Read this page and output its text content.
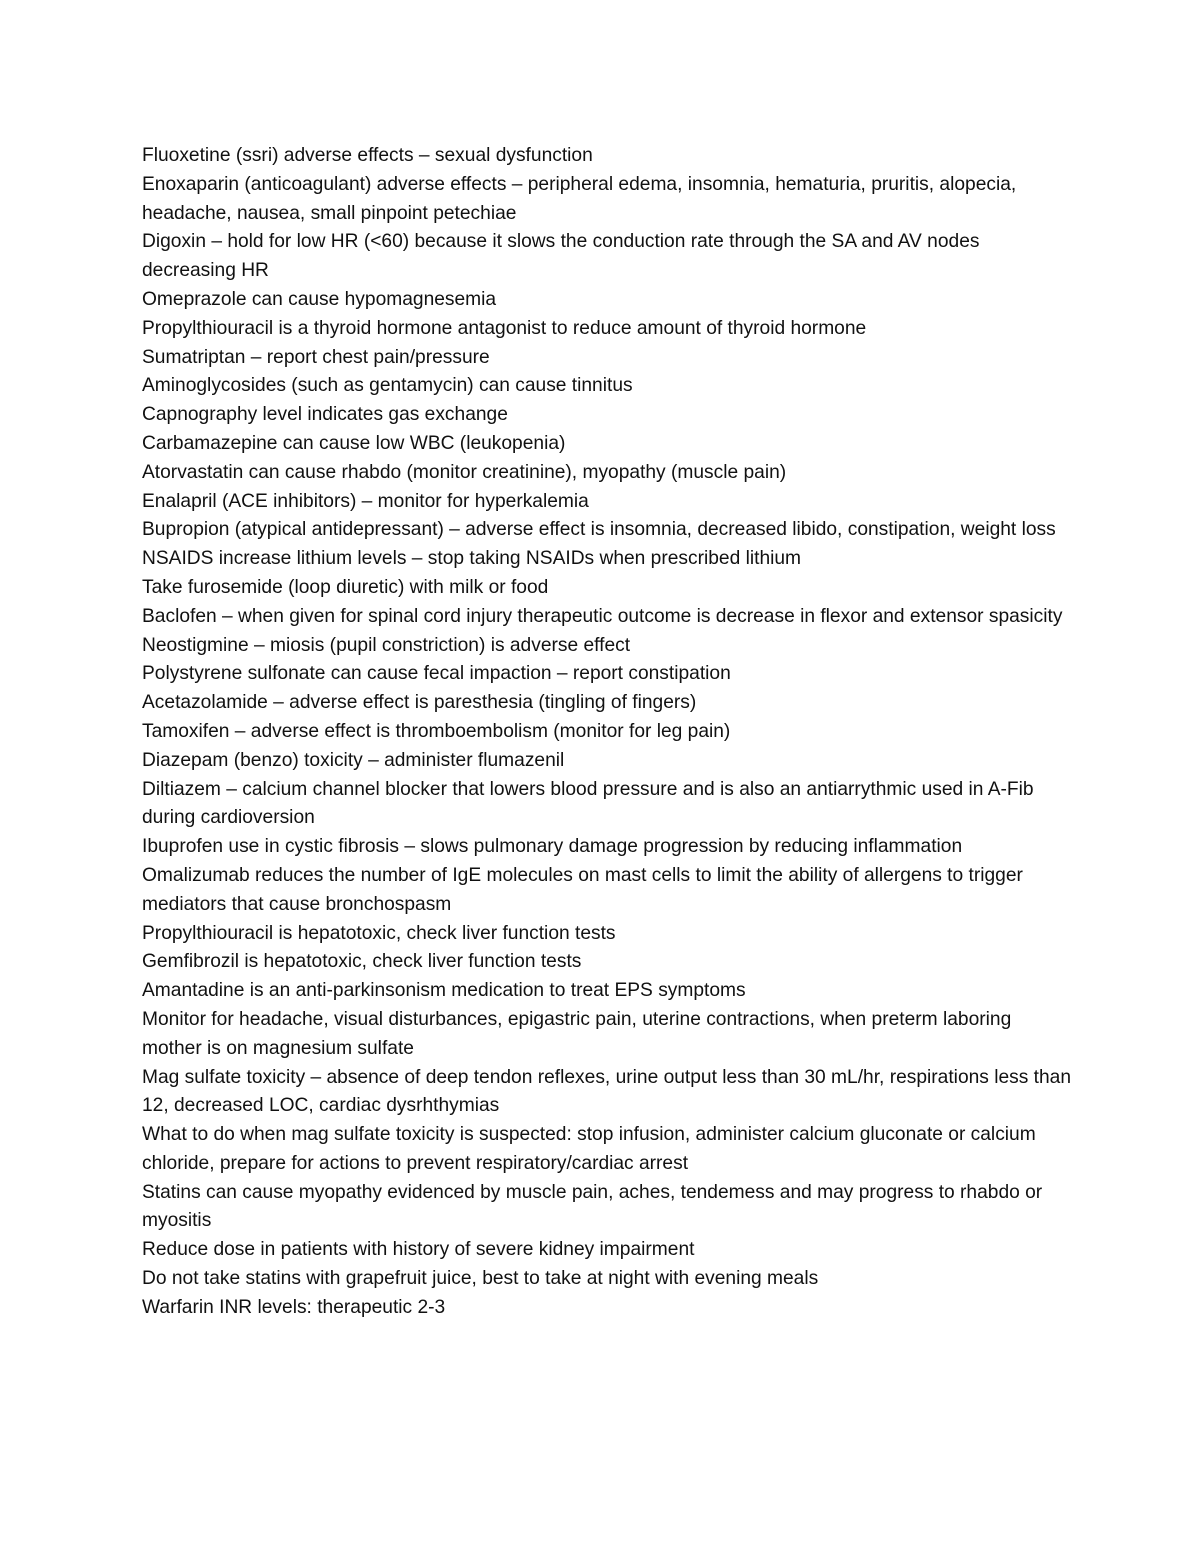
Fluoxetine (ssri) adverse effects – sexual dysfunction

Enoxaparin (anticoagulant) adverse effects – peripheral edema, insomnia, hematuria, pruritis, alopecia, headache, nausea, small pinpoint petechiae

Digoxin – hold for low HR (<60) because it slows the conduction rate through the SA and AV nodes decreasing HR

Omeprazole can cause hypomagnesemia

Propylthiouracil is a thyroid hormone antagonist to reduce amount of thyroid hormone

Sumatriptan – report chest pain/pressure

Aminoglycosides (such as gentamycin) can cause tinnitus

Capnography level indicates gas exchange

Carbamazepine can cause low WBC (leukopenia)

Atorvastatin can cause rhabdo (monitor creatinine), myopathy (muscle pain)

Enalapril (ACE inhibitors) – monitor for hyperkalemia

Bupropion (atypical antidepressant) – adverse effect is insomnia, decreased libido, constipation, weight loss

NSAIDS increase lithium levels – stop taking NSAIDs when prescribed lithium

Take furosemide (loop diuretic) with milk or food

Baclofen – when given for spinal cord injury therapeutic outcome is decrease in flexor and extensor spasicity

Neostigmine – miosis (pupil constriction) is adverse effect

Polystyrene sulfonate can cause fecal impaction – report constipation

Acetazolamide – adverse effect is paresthesia (tingling of fingers)

Tamoxifen – adverse effect is thromboembolism (monitor for leg pain)

Diazepam (benzo) toxicity – administer flumazenil

Diltiazem – calcium channel blocker that lowers blood pressure and is also an antiarrythmic used in A-Fib during cardioversion

Ibuprofen use in cystic fibrosis – slows pulmonary damage progression by reducing inflammation

Omalizumab reduces the number of IgE molecules on mast cells to limit the ability of allergens to trigger mediators that cause bronchospasm

Propylthiouracil is hepatotoxic, check liver function tests

Gemfibrozil is hepatotoxic, check liver function tests

Amantadine is an anti-parkinsonism medication to treat EPS symptoms

Monitor for headache, visual disturbances, epigastric pain, uterine contractions, when preterm laboring mother is on magnesium sulfate

Mag sulfate toxicity – absence of deep tendon reflexes, urine output less than 30 mL/hr, respirations less than 12, decreased LOC, cardiac dysrhthymias

What to do when mag sulfate toxicity is suspected: stop infusion, administer calcium gluconate or calcium chloride, prepare for actions to prevent respiratory/cardiac arrest

Statins can cause myopathy evidenced by muscle pain, aches, tendemess and may progress to rhabdo or myositis

Reduce dose in patients with history of severe kidney impairment

Do not take statins with grapefruit juice, best to take at night with evening meals

Warfarin INR levels: therapeutic 2-3
